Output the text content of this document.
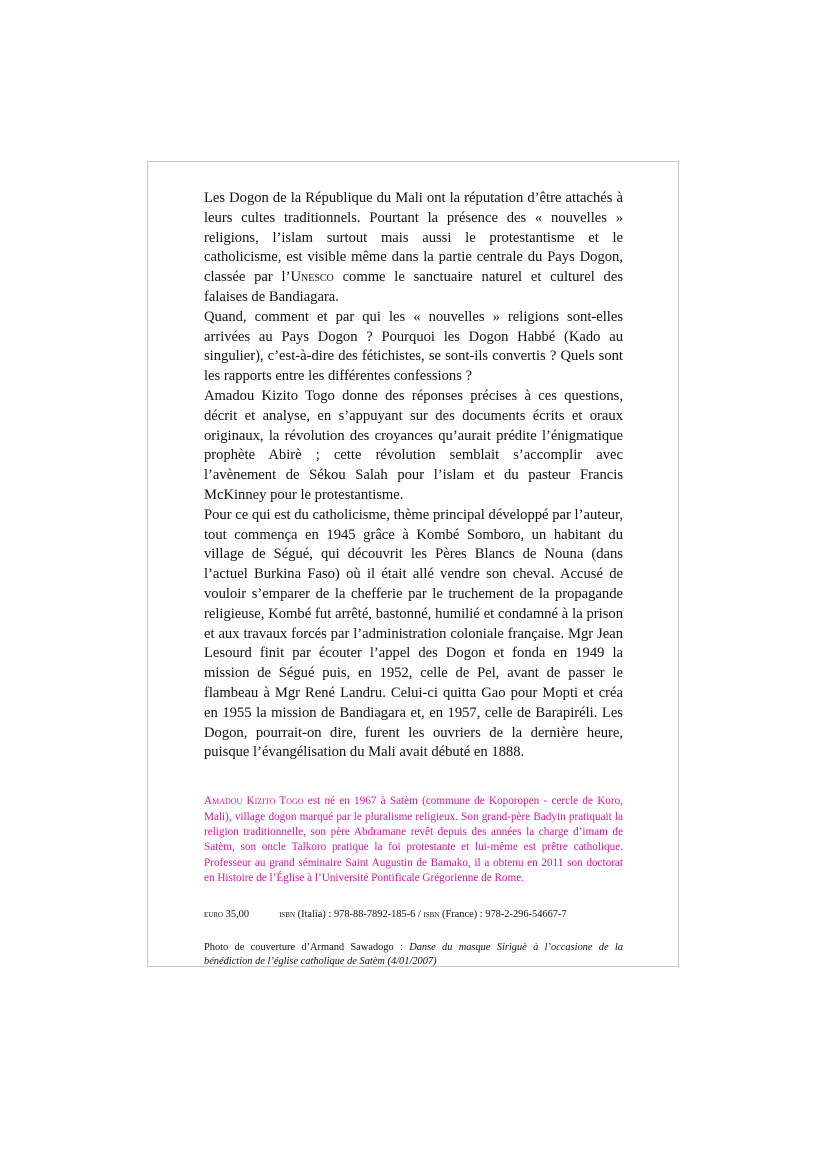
Les Dogon de la République du Mali ont la réputation d’être attachés à leurs cultes traditionnels. Pourtant la présence des « nouvelles » religions, l’islam surtout mais aussi le protestantisme et le catholicisme, est visible même dans la partie centrale du Pays Dogon, classée par l’Unesco comme le sanctuaire naturel et culturel des falaises de Bandiagara.

Quand, comment et par qui les « nouvelles » religions sont-elles arrivées au Pays Dogon ? Pourquoi les Dogon Habbé (Kado au singulier), c’est-à-dire des fétichistes, se sont-ils convertis ? Quels sont les rapports entre les différentes confessions ?

Amadou Kizito Togo donne des réponses précises à ces questions, décrit et analyse, en s’appuyant sur des documents écrits et oraux originaux, la révolution des croyances qu’aurait prédite l’énigmatique prophète Abirè ; cette révolution semblait s’accomplir avec l’avènement de Sékou Salah pour l’islam et du pasteur Francis McKinney pour le protestantisme.

Pour ce qui est du catholicisme, thème principal développé par l’auteur, tout commença en 1945 grâce à Kombé Somboro, un habitant du village de Ségué, qui découvrit les Pères Blancs de Nouna (dans l’actuel Burkina Faso) où il était allé vendre son cheval. Accusé de vouloir s’emparer de la chefferie par le truchement de la propagande religieuse, Kombé fut arrêté, bastonné, humilié et condamné à la prison et aux travaux forcés par l’administration coloniale française. Mgr Jean Lesourd finit par écouter l’appel des Dogon et fonda en 1949 la mission de Ségué puis, en 1952, celle de Pel, avant de passer le flambeau à Mgr René Landru. Celui-ci quitta Gao pour Mopti et créa en 1955 la mission de Bandiagara et, en 1957, celle de Barapiréli. Les Dogon, pourrait-on dire, furent les ouvriers de la dernière heure, puisque l’évangélisation du Mali avait débuté en 1888.

Amadou Kizito Togo est né en 1967 à Satèm (commune de Koporopen - cercle de Koro, Mali), village dogon marqué par le pluralisme religieux. Son grand-père Badyin pratiquait la religion traditionnelle, son père Abdramane revêt depuis des années la charge d’imam de Satèm, son oncle Talkoro pratique la foi protestante et lui-même est prêtre catholique. Professeur au grand séminaire Saint Augustin de Bamako, il a obtenu en 2011 son doctorat en Histoire de l’Église à l’Université Pontificale Grégorienne de Rome.

euro 35,00	isbn (Italia) : 978-88-7892-185-6 / isbn (France) : 978-2-296-54667-7
Photo de couverture d’Armand Sawadogo : Danse du masque Siriguè à l’occasione de la bénédiction de l’église catholique de Satèm (4/01/2007)
